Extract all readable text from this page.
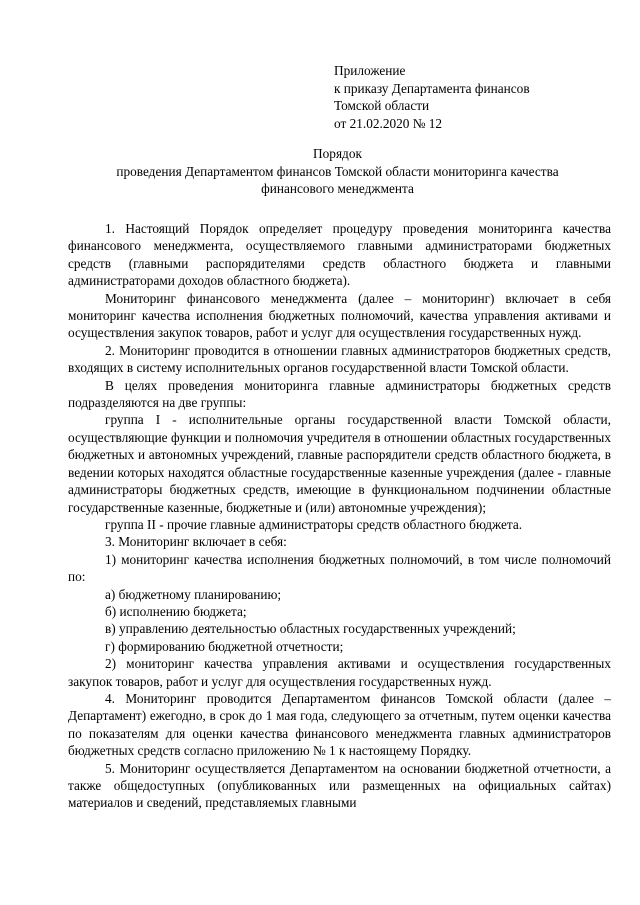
Приложение
к приказу Департамента финансов
Томской области
от 21.02.2020 № 12
Порядок
проведения Департаментом финансов Томской области мониторинга качества
финансового менеджмента

1. Настоящий Порядок определяет процедуру проведения мониторинга качества финансового менеджмента, осуществляемого главными администраторами бюджетных средств (главными распорядителями средств областного бюджета и главными администраторами доходов областного бюджета).

Мониторинг финансового менеджмента (далее – мониторинг) включает в себя мониторинг качества исполнения бюджетных полномочий, качества управления активами и осуществления закупок товаров, работ и услуг для осуществления государственных нужд.

2. Мониторинг проводится в отношении главных администраторов бюджетных средств, входящих в систему исполнительных органов государственной власти Томской области.

В целях проведения мониторинга главные администраторы бюджетных средств подразделяются на две группы:

группа I - исполнительные органы государственной власти Томской области, осуществляющие функции и полномочия учредителя в отношении областных государственных бюджетных и автономных учреждений, главные распорядители средств областного бюджета, в ведении которых находятся областные государственные казенные учреждения (далее - главные администраторы бюджетных средств, имеющие в функциональном подчинении областные государственные казенные, бюджетные и (или) автономные учреждения);

группа II - прочие главные администраторы средств областного бюджета.

3. Мониторинг включает в себя:

1) мониторинг качества исполнения бюджетных полномочий, в том числе полномочий по:

а) бюджетному планированию;

б) исполнению бюджета;

в) управлению деятельностью областных государственных учреждений;

г) формированию бюджетной отчетности;

2) мониторинг качества управления активами и осуществления государственных закупок товаров, работ и услуг для осуществления государственных нужд.

4. Мониторинг проводится Департаментом финансов Томской области (далее – Департамент) ежегодно, в срок до 1 мая года, следующего за отчетным, путем оценки качества по показателям для оценки качества финансового менеджмента главных администраторов бюджетных средств согласно приложению № 1 к настоящему Порядку.

5. Мониторинг осуществляется Департаментом на основании бюджетной отчетности, а также общедоступных (опубликованных или размещенных на официальных сайтах) материалов и сведений, представляемых главными
